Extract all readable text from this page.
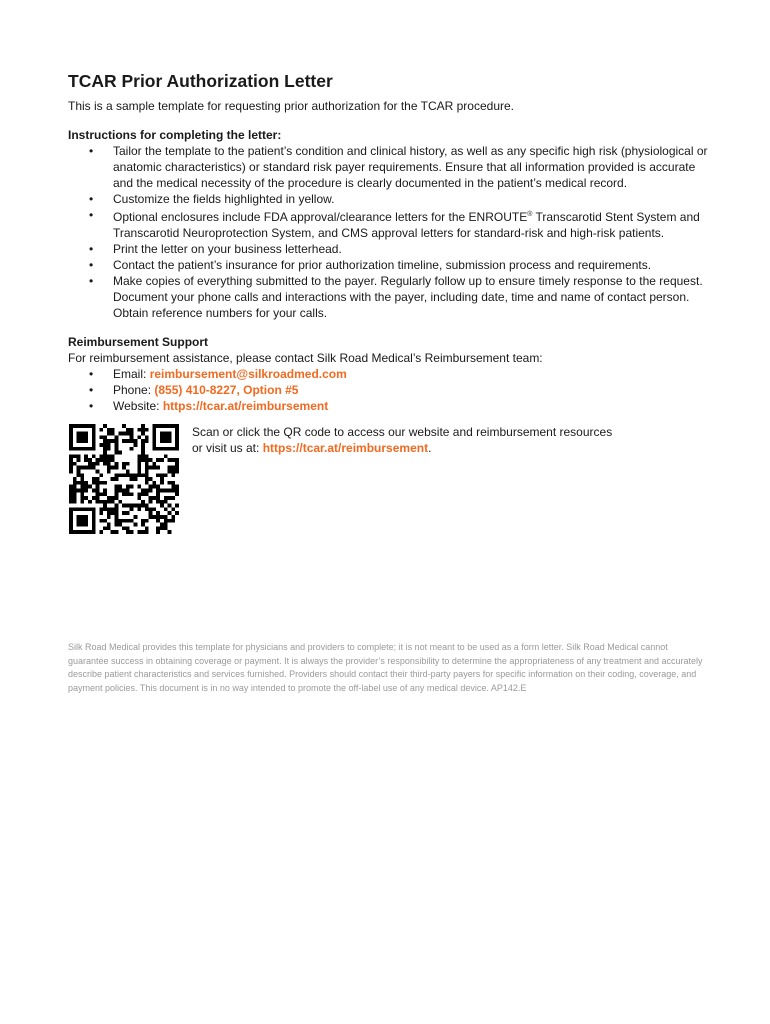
TCAR Prior Authorization Letter
This is a sample template for requesting prior authorization for the TCAR procedure.
Instructions for completing the letter:
• Tailor the template to the patient’s condition and clinical history, as well as any specific high risk (physiological or anatomic characteristics) or standard risk payer requirements. Ensure that all information provided is accurate and the medical necessity of the procedure is clearly documented in the patient’s medical record.
• Customize the fields highlighted in yellow.
• Optional enclosures include FDA approval/clearance letters for the ENROUTE® Transcarotid Stent System and Transcarotid Neuroprotection System, and CMS approval letters for standard-risk and high-risk patients.
• Print the letter on your business letterhead.
• Contact the patient’s insurance for prior authorization timeline, submission process and requirements.
• Make copies of everything submitted to the payer. Regularly follow up to ensure timely response to the request. Document your phone calls and interactions with the payer, including date, time and name of contact person. Obtain reference numbers for your calls.
Reimbursement Support
For reimbursement assistance, please contact Silk Road Medical’s Reimbursement team:
• Email: reimbursement@silkroadmed.com
• Phone: (855) 410-8227, Option #5
• Website: https://tcar.at/reimbursement
Scan or click the QR code to access our website and reimbursement resources
or visit us at: https://tcar.at/reimbursement.
Silk Road Medical provides this template for physicians and providers to complete; it is not meant to be used as a form letter. Silk Road Medical cannot guarantee success in obtaining coverage or payment. It is always the provider’s responsibility to determine the appropriateness of any treatment and accurately describe patient characteristics and services furnished. Providers should contact their third-party payers for specific information on their coding, coverage, and payment policies. This document is in no way intended to promote the off-label use of any medical device. AP142.E
